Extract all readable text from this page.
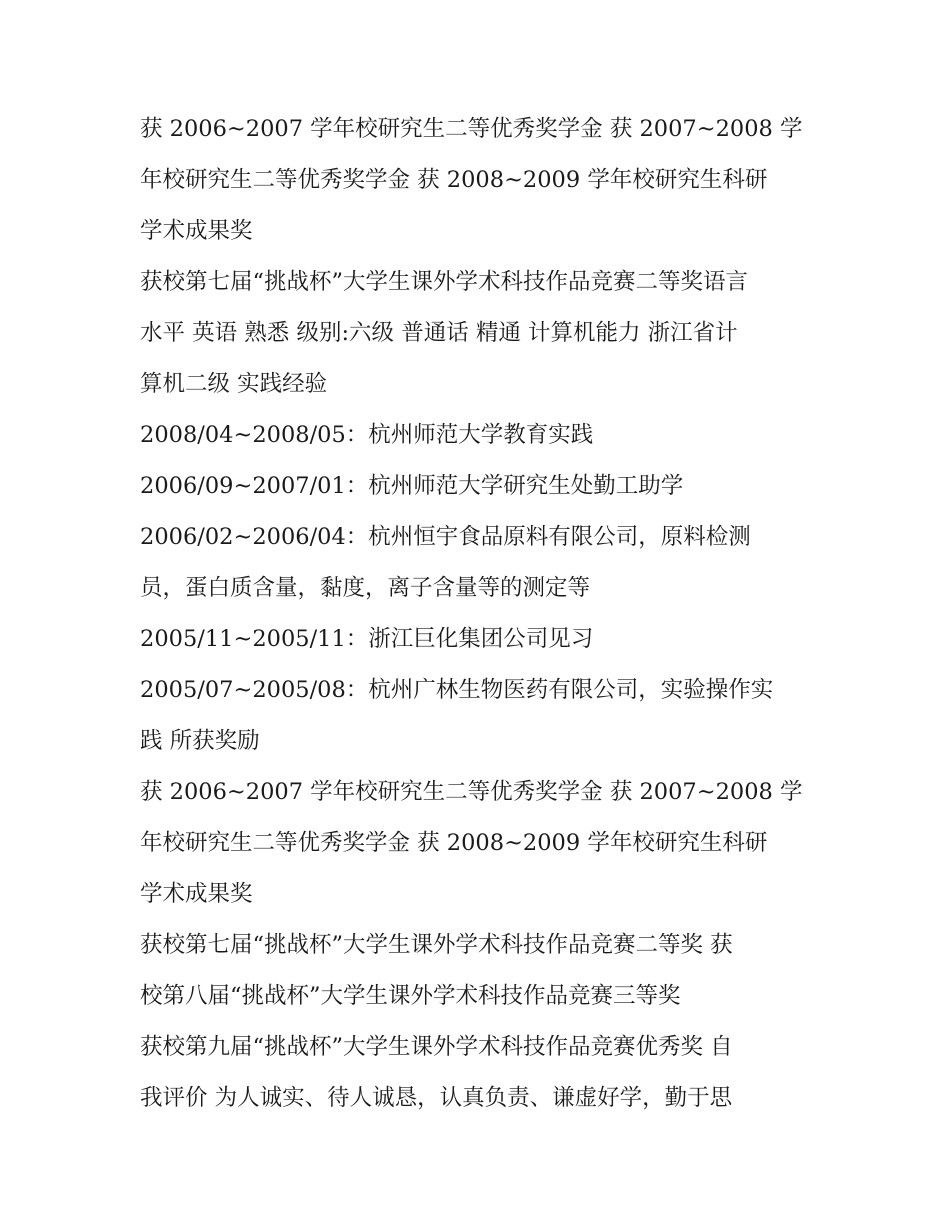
获 2006~2007 学年校研究生二等优秀奖学金 获 2007~2008 学
年校研究生二等优秀奖学金 获 2008~2009 学年校研究生科研
学术成果奖
获校第七届“挑战杯”大学生课外学术科技作品竞赛二等奖语言
水平 英语 熟悉 级别:六级 普通话 精通 计算机能力 浙江省计
算机二级 实践经验
2008/04~2008/05：杭州师范大学教育实践
2006/09~2007/01：杭州师范大学研究生处勤工助学
2006/02~2006/04：杭州恒宇食品原料有限公司，原料检测
员，蛋白质含量，黏度，离子含量等的测定等
2005/11~2005/11：浙江巨化集团公司见习
2005/07~2005/08：杭州广林生物医药有限公司，实验操作实
践 所获奖励
获 2006~2007 学年校研究生二等优秀奖学金 获 2007~2008 学
年校研究生二等优秀奖学金 获 2008~2009 学年校研究生科研
学术成果奖
获校第七届“挑战杯”大学生课外学术科技作品竞赛二等奖 获
校第八届“挑战杯”大学生课外学术科技作品竞赛三等奖
获校第九届“挑战杯”大学生课外学术科技作品竞赛优秀奖 自
我评价 为人诚实、待人诚恳，认真负责、谦虚好学，勤于思
